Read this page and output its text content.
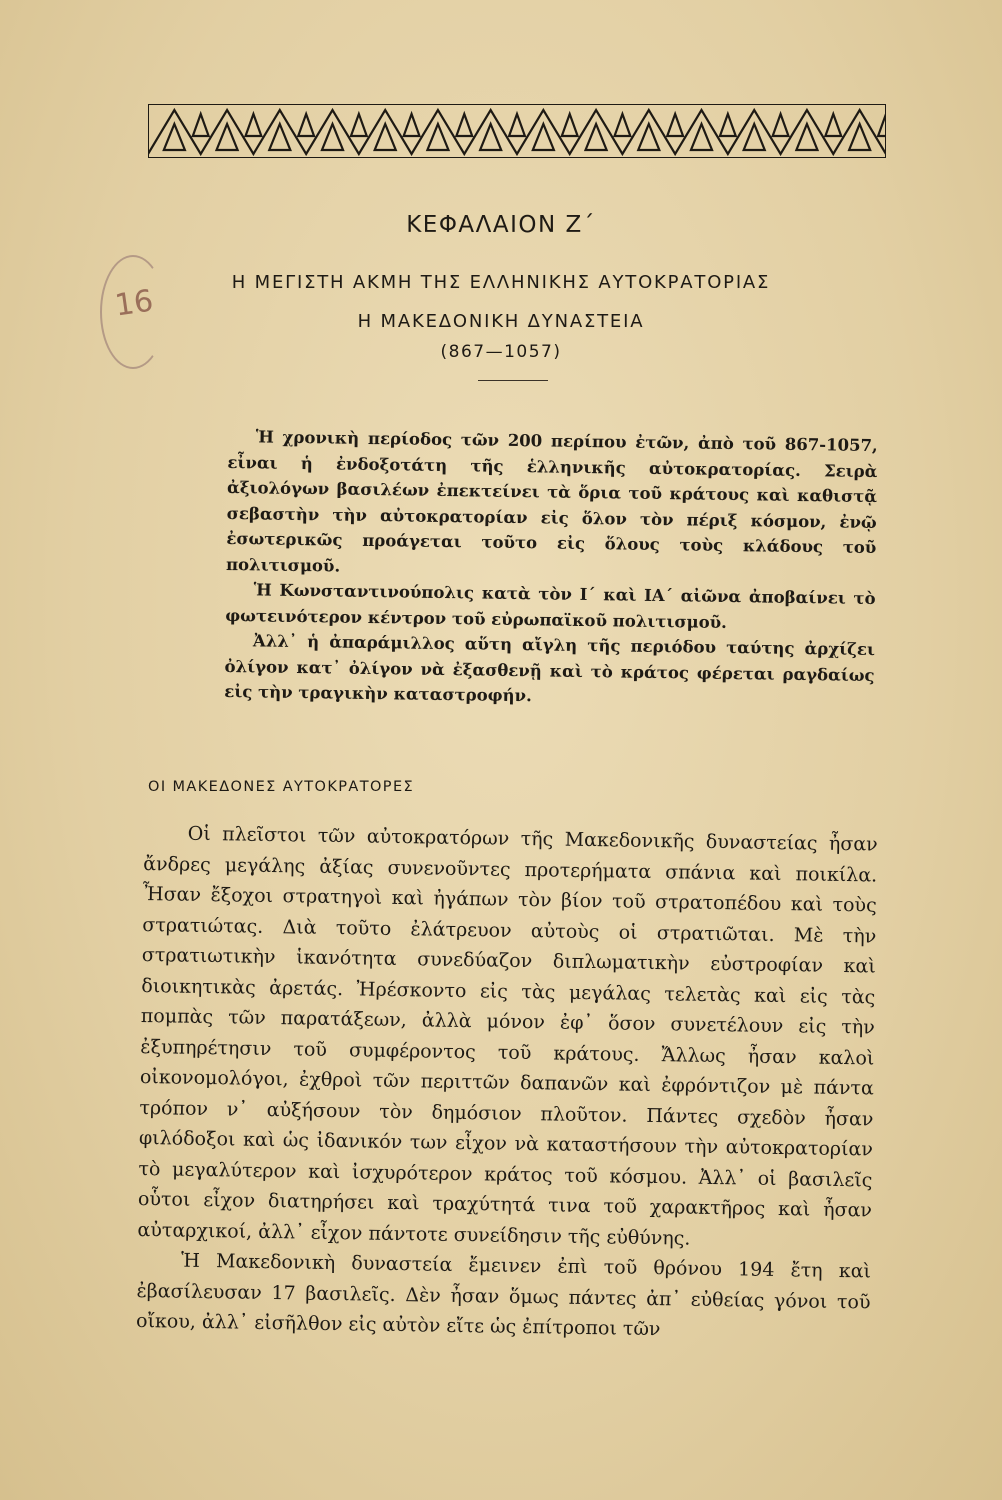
16
ΚΕΦΑΛΑΙΟΝ Ζ΄
Η ΜΕΓΙΣΤΗ ΑΚΜΗ ΤΗΣ ΕΛΛΗΝΙΚΗΣ ΑΥΤΟΚΡΑΤΟΡΙΑΣ
Η ΜΑΚΕΔΟΝΙΚΗ ΔΥΝΑΣΤΕΙΑ
(867—1057)

Ἡ χρονικὴ περίοδος τῶν 200 περίπου ἐτῶν, ἀπὸ τοῦ 867-1057, εἶναι ἡ ἐνδοξοτάτη τῆς ἑλληνικῆς αὐτοκρατορίας. Σειρὰ ἀξιολόγων βασιλέων ἐπεκτείνει τὰ ὅρια τοῦ κράτους καὶ καθιστᾷ σεβαστὴν τὴν αὐτοκρατορίαν εἰς ὅλον τὸν πέριξ κόσμον, ἐνῷ ἐσωτερικῶς προάγεται τοῦτο εἰς ὅλους τοὺς κλάδους τοῦ πολιτισμοῦ.

Ἡ Κωνσταντινούπολις κατὰ τὸν Ι΄ καὶ ΙΑ΄ αἰῶνα ἀποβαίνει τὸ φωτεινότερον κέντρον τοῦ εὐρωπαϊκοῦ πολιτισμοῦ.

Ἀλλ᾽ ἡ ἀπαράμιλλος αὕτη αἴγλη τῆς περιόδου ταύτης ἀρχίζει ὀλίγον κατ᾽ ὀλίγον νὰ ἐξασθενῇ καὶ τὸ κράτος φέρεται ραγδαίως εἰς τὴν τραγικὴν καταστροφήν.

ΟΙ ΜΑΚΕΔΟΝΕΣ ΑΥΤΟΚΡΑΤΟΡΕΣ

Οἱ πλεῖστοι τῶν αὐτοκρατόρων τῆς Μακεδονικῆς δυναστείας ἦσαν ἄνδρες μεγάλης ἀξίας συνενοῦντες προτερήματα σπάνια καὶ ποικίλα. Ἦσαν ἔξοχοι στρατηγοὶ καὶ ἠγάπων τὸν βίον τοῦ στρατοπέδου καὶ τοὺς στρατιώτας. Διὰ τοῦτο ἐλάτρευον αὐτοὺς οἱ στρατιῶται. Μὲ τὴν στρατιωτικὴν ἱκανότητα συνεδύαζον διπλωματικὴν εὐστροφίαν καὶ διοικητικὰς ἀρετάς. Ἠρέσκοντο εἰς τὰς μεγάλας τελετὰς καὶ εἰς τὰς πομπὰς τῶν παρατάξεων, ἀλλὰ μόνον ἐφ᾽ ὅσον συνετέλουν εἰς τὴν ἐξυπηρέτησιν τοῦ συμφέροντος τοῦ κράτους. Ἄλλως ἦσαν καλοὶ οἰκονομολόγοι, ἐχθροὶ τῶν περιττῶν δαπανῶν καὶ ἐφρόντιζον μὲ πάντα τρόπον ν᾽ αὐξήσουν τὸν δημόσιον πλοῦτον. Πάντες σχεδὸν ἦσαν φιλόδοξοι καὶ ὡς ἰδανικόν των εἶχον νὰ καταστήσουν τὴν αὐτοκρατορίαν τὸ μεγαλύτερον καὶ ἰσχυρότερον κράτος τοῦ κόσμου. Ἀλλ᾽ οἱ βασιλεῖς οὗτοι εἶχον διατηρήσει καὶ τραχύτητά τινα τοῦ χαρακτῆρος καὶ ἦσαν αὐταρχικοί, ἀλλ᾽ εἶχον πάντοτε συνείδησιν τῆς εὐθύνης.

Ἡ Μακεδονικὴ δυναστεία ἔμεινεν ἐπὶ τοῦ θρόνου 194 ἔτη καὶ ἐβασίλευσαν 17 βασιλεῖς. Δὲν ἦσαν ὅμως πάντες ἀπ᾽ εὐθείας γόνοι τοῦ οἴκου, ἀλλ᾽ εἰσῆλθον εἰς αὐτὸν εἴτε ὡς ἐπίτροποι τῶν
